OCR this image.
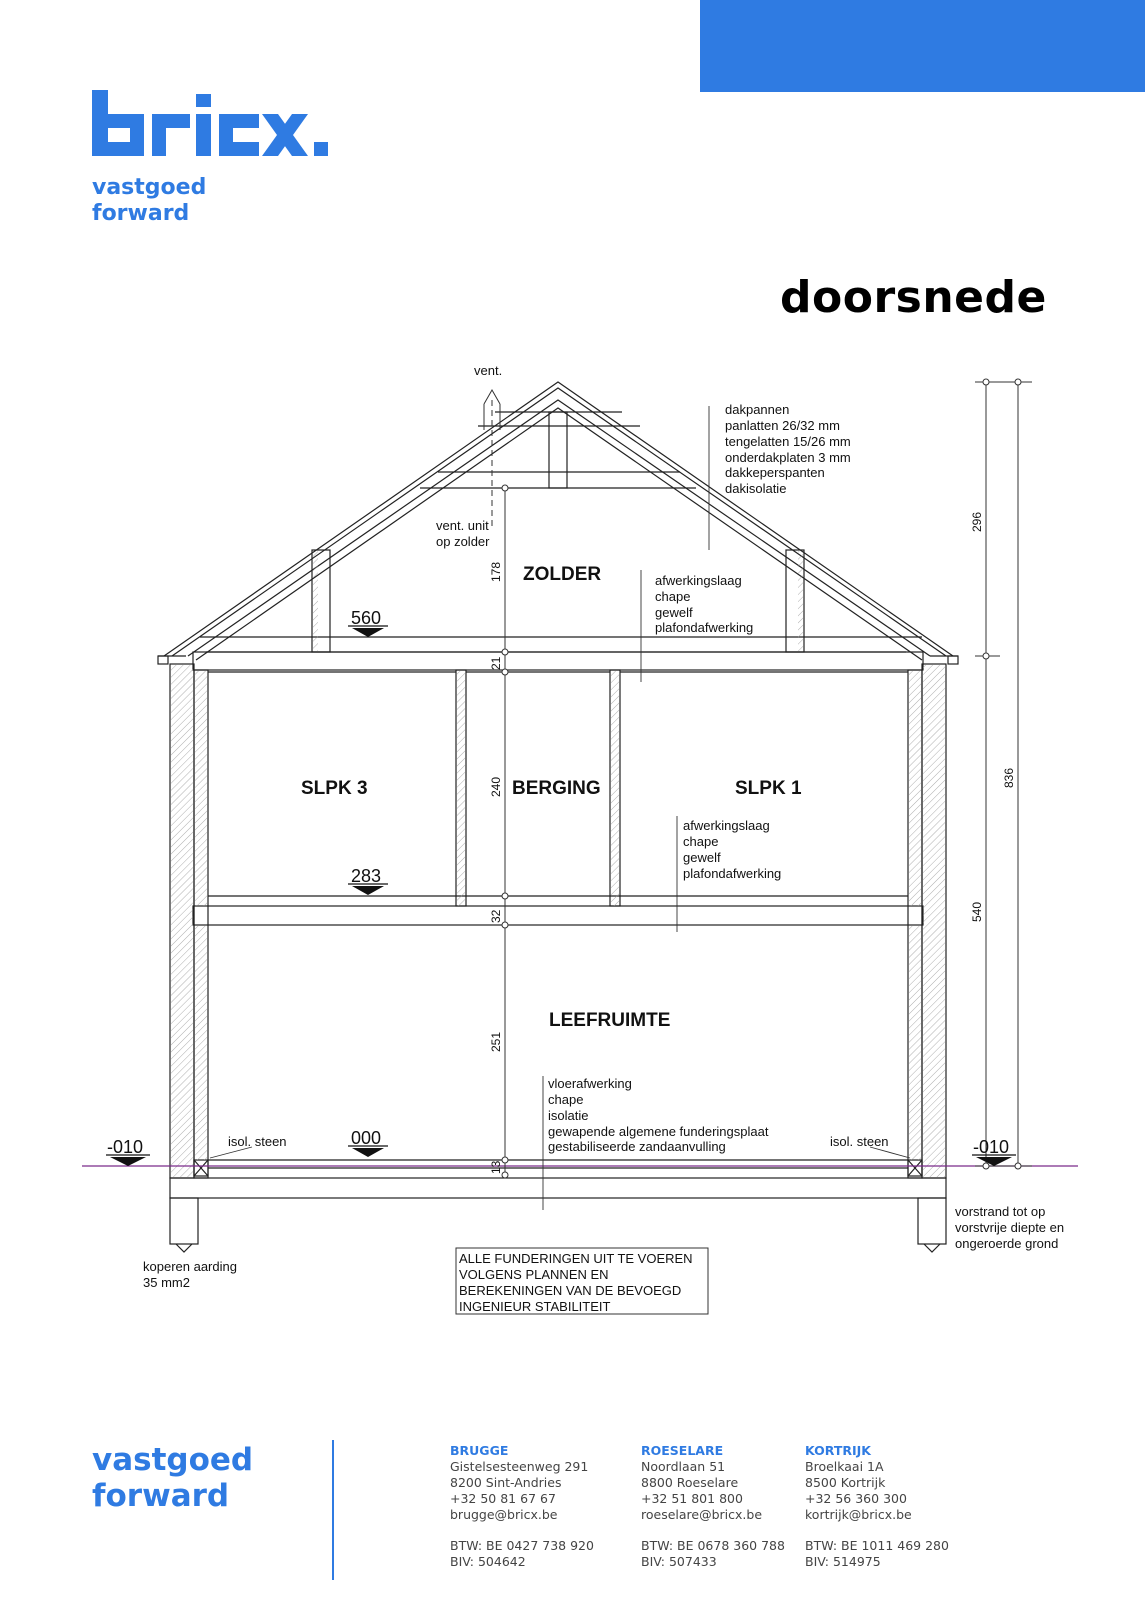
vastgoed
forward
doorsnede
vent.
vent. unit
op zolder
dakpannen
panlatten 26/32 mm
tengelatten 15/26 mm
onderdakplaten 3 mm
dakkeperspanten
dakisolatie
afwerkingslaag
chape
gewelf
plafondafwerking
afwerkingslaag
chape
gewelf
plafondafwerking
vloerafwerking
chape
isolatie
gewapende algemene funderingsplaat
gestabiliseerde zandaanvulling
isol. steen	isol. steen
koperen aarding
35 mm2
vorstrand tot op
vorstvrije diepte en
ongeroerde grond
ALLE FUNDERINGEN UIT TE VOEREN
VOLGENS PLANNEN EN
BEREKENINGEN VAN DE BEVOEGD
INGENIEUR STABILITEIT
ZOLDER
SLPK 3	BERGING	SLPK 1
LEEFRUIMTE
560
283
000
-010	-010
178
21
240
32
251
13
296
540
836
vastgoed
forward
BRUGGE
Gistelsesteenweg 291
8200 Sint-Andries
+32 50 81 67 67
brugge@bricx.be
BTW: BE 0427 738 920
BIV: 504642
ROESELARE
Noordlaan 51
8800 Roeselare
+32 51 801 800
roeselare@bricx.be
BTW: BE 0678 360 788
BIV: 507433
KORTRIJK
Broelkaai 1A
8500 Kortrijk
+32 56 360 300
kortrijk@bricx.be
BTW: BE 1011 469 280
BIV: 514975
